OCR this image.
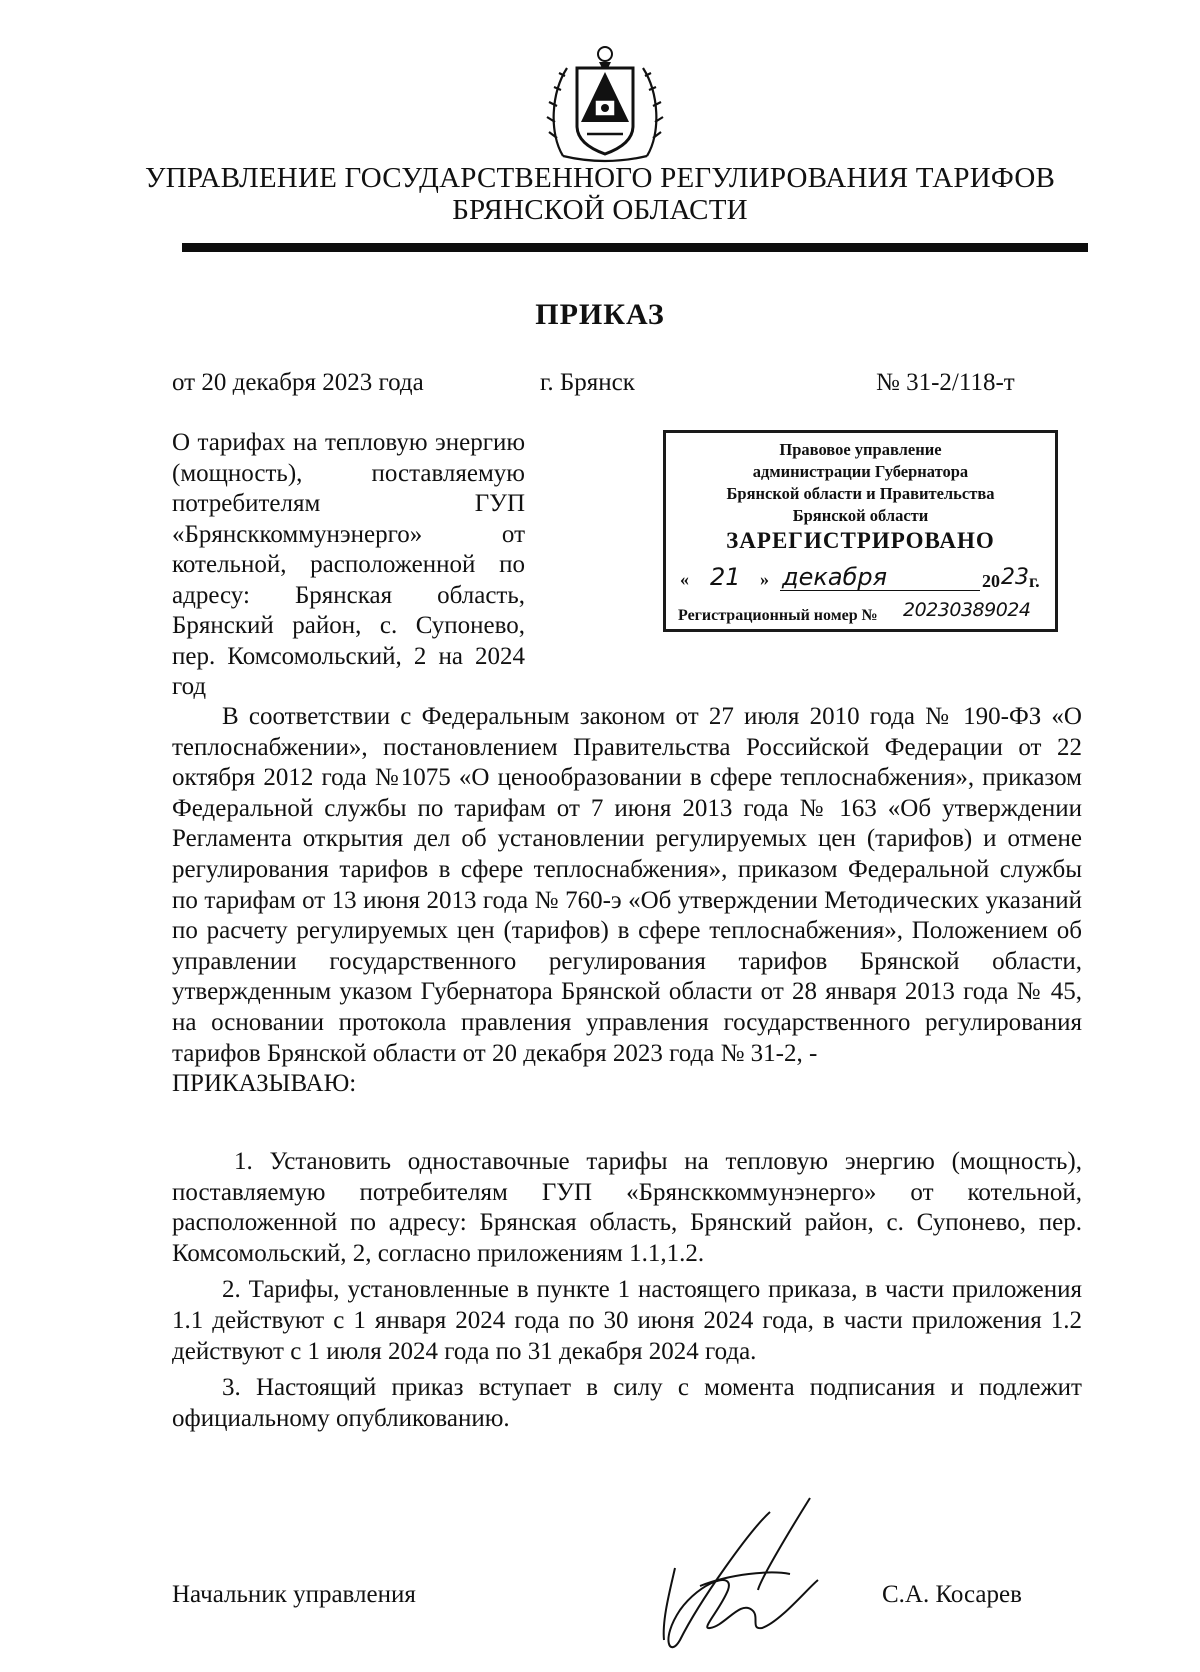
УПРАВЛЕНИЕ ГОСУДАРСТВЕННОГО РЕГУЛИРОВАНИЯ ТАРИФОВ
БРЯНСКОЙ ОБЛАСТИ
ПРИКАЗ
от 20 декабря 2023 года	г. Брянск	№ 31-2/118-т
О тарифах на тепловую энергию (мощность), поставляемую потребителям ГУП «Брянсккоммунэнерго» от котельной, расположенной по адресу: Брянская область, Брянский район, с. Супонево, пер. Комсомольский, 2 на 2024 год
Правовое управление
администрации Губернатора
Брянской области и Правительства
Брянской области
ЗАРЕГИСТРИРОВАНО
« 21 » декабря	20 23 г.
Регистрационный номер № 20230389024

В соответствии с Федеральным законом от 27 июля 2010 года № 190-ФЗ «О теплоснабжении», постановлением Правительства Российской Федерации от 22 октября 2012 года №1075 «О ценообразовании в сфере теплоснабжения», приказом Федеральной службы по тарифам от 7 июня 2013 года № 163 «Об утверждении Регламента открытия дел об установлении регулируемых цен (тарифов) и отмене регулирования тарифов в сфере теплоснабжения», приказом Федеральной службы по тарифам от 13 июня 2013 года № 760-э «Об утверждении Методических указаний по расчету регулируемых цен (тарифов) в сфере теплоснабжения», Положением об управлении государственного регулирования тарифов Брянской области, утвержденным указом Губернатора Брянской области от 28 января 2013 года № 45, на основании протокола правления управления государственного регулирования тарифов Брянской области от 20 декабря 2023 года № 31-2, -

ПРИКАЗЫВАЮ:

1. Установить одноставочные тарифы на тепловую энергию (мощность), поставляемую потребителям ГУП «Брянсккоммунэнерго» от котельной, расположенной по адресу: Брянская область, Брянский район, с. Супонево, пер. Комсомольский, 2, согласно приложениям 1.1,1.2.

2. Тарифы, установленные в пункте 1 настоящего приказа, в части приложения 1.1 действуют с 1 января 2024 года по 30 июня 2024 года, в части приложения 1.2 действуют с 1 июля 2024 года по 31 декабря 2024 года.

3. Настоящий приказ вступает в силу с момента подписания и подлежит официальному опубликованию.

Начальник управления	С.А. Косарев
